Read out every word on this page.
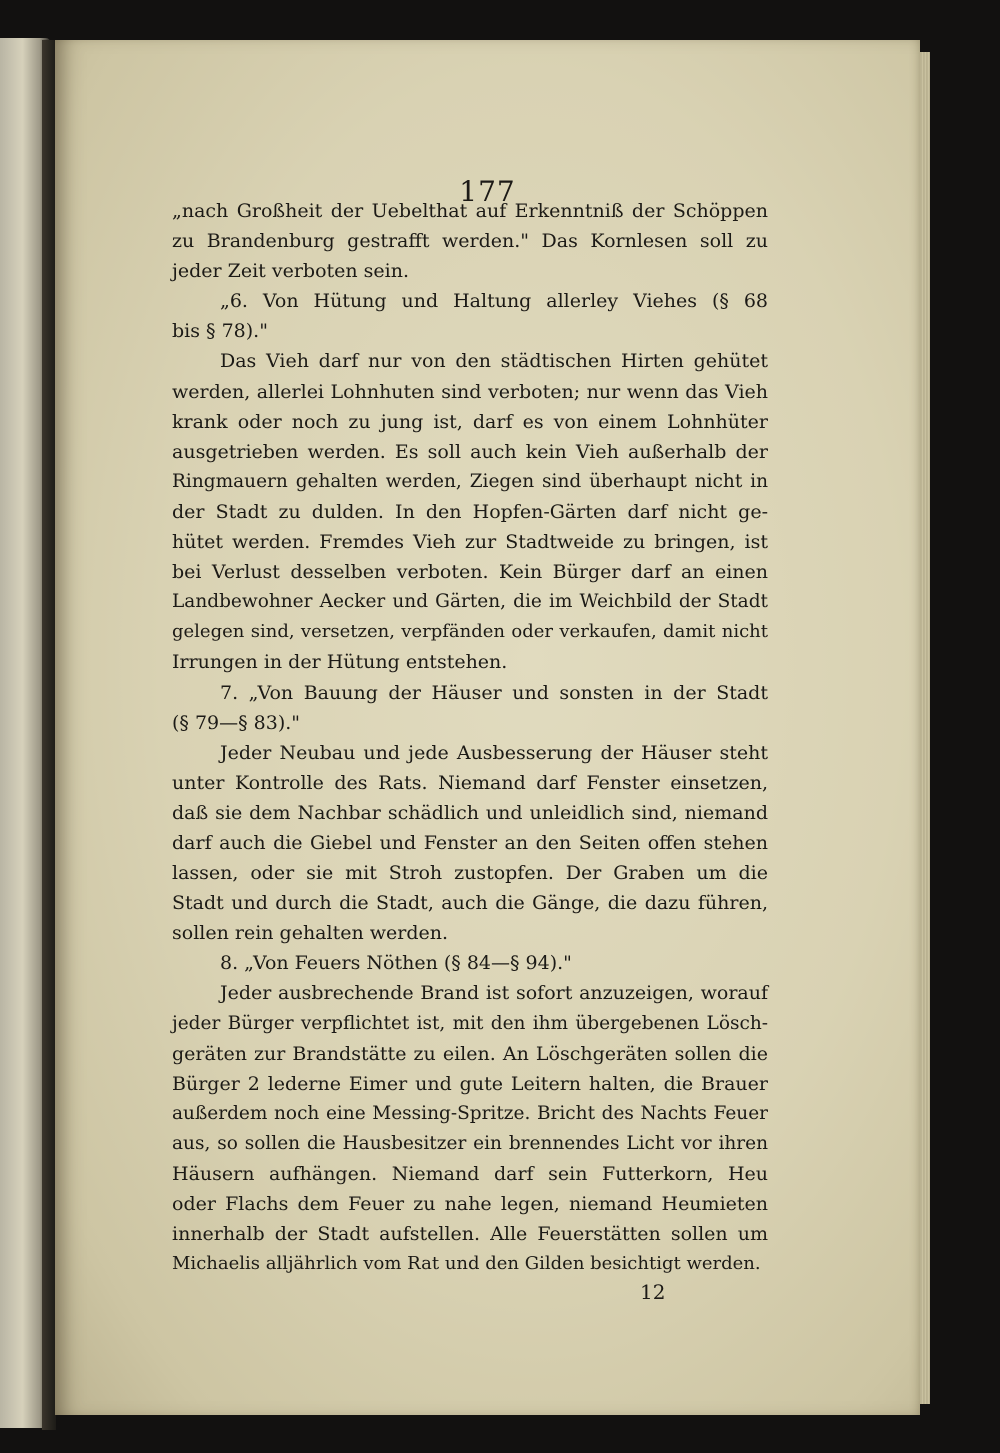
177
„nach Großheit der Uebelthat auf Erkenntniß der Schöppen
zu Brandenburg gestrafft werden." Das Kornlesen soll zu
jeder Zeit verboten sein.
„6. Von Hütung und Haltung allerley Viehes (§ 68
bis § 78)."
Das Vieh darf nur von den städtischen Hirten gehütet
werden, allerlei Lohnhuten sind verboten; nur wenn das Vieh
krank oder noch zu jung ist, darf es von einem Lohnhüter
ausgetrieben werden. Es soll auch kein Vieh außerhalb der
Ringmauern gehalten werden, Ziegen sind überhaupt nicht in
der Stadt zu dulden. In den Hopfen-Gärten darf nicht ge-
hütet werden. Fremdes Vieh zur Stadtweide zu bringen, ist
bei Verlust desselben verboten. Kein Bürger darf an einen
Landbewohner Aecker und Gärten, die im Weichbild der Stadt
gelegen sind, versetzen, verpfänden oder verkaufen, damit nicht
Irrungen in der Hütung entstehen.
7. „Von Bauung der Häuser und sonsten in der Stadt
(§ 79—§ 83)."
Jeder Neubau und jede Ausbesserung der Häuser steht
unter Kontrolle des Rats. Niemand darf Fenster einsetzen,
daß sie dem Nachbar schädlich und unleidlich sind, niemand
darf auch die Giebel und Fenster an den Seiten offen stehen
lassen, oder sie mit Stroh zustopfen. Der Graben um die
Stadt und durch die Stadt, auch die Gänge, die dazu führen,
sollen rein gehalten werden.
8. „Von Feuers Nöthen (§ 84—§ 94)."
Jeder ausbrechende Brand ist sofort anzuzeigen, worauf
jeder Bürger verpflichtet ist, mit den ihm übergebenen Lösch-
geräten zur Brandstätte zu eilen. An Löschgeräten sollen die
Bürger 2 lederne Eimer und gute Leitern halten, die Brauer
außerdem noch eine Messing-Spritze. Bricht des Nachts Feuer
aus, so sollen die Hausbesitzer ein brennendes Licht vor ihren
Häusern aufhängen. Niemand darf sein Futterkorn, Heu
oder Flachs dem Feuer zu nahe legen, niemand Heumieten
innerhalb der Stadt aufstellen. Alle Feuerstätten sollen um
Michaelis alljährlich vom Rat und den Gilden besichtigt werden.
12
